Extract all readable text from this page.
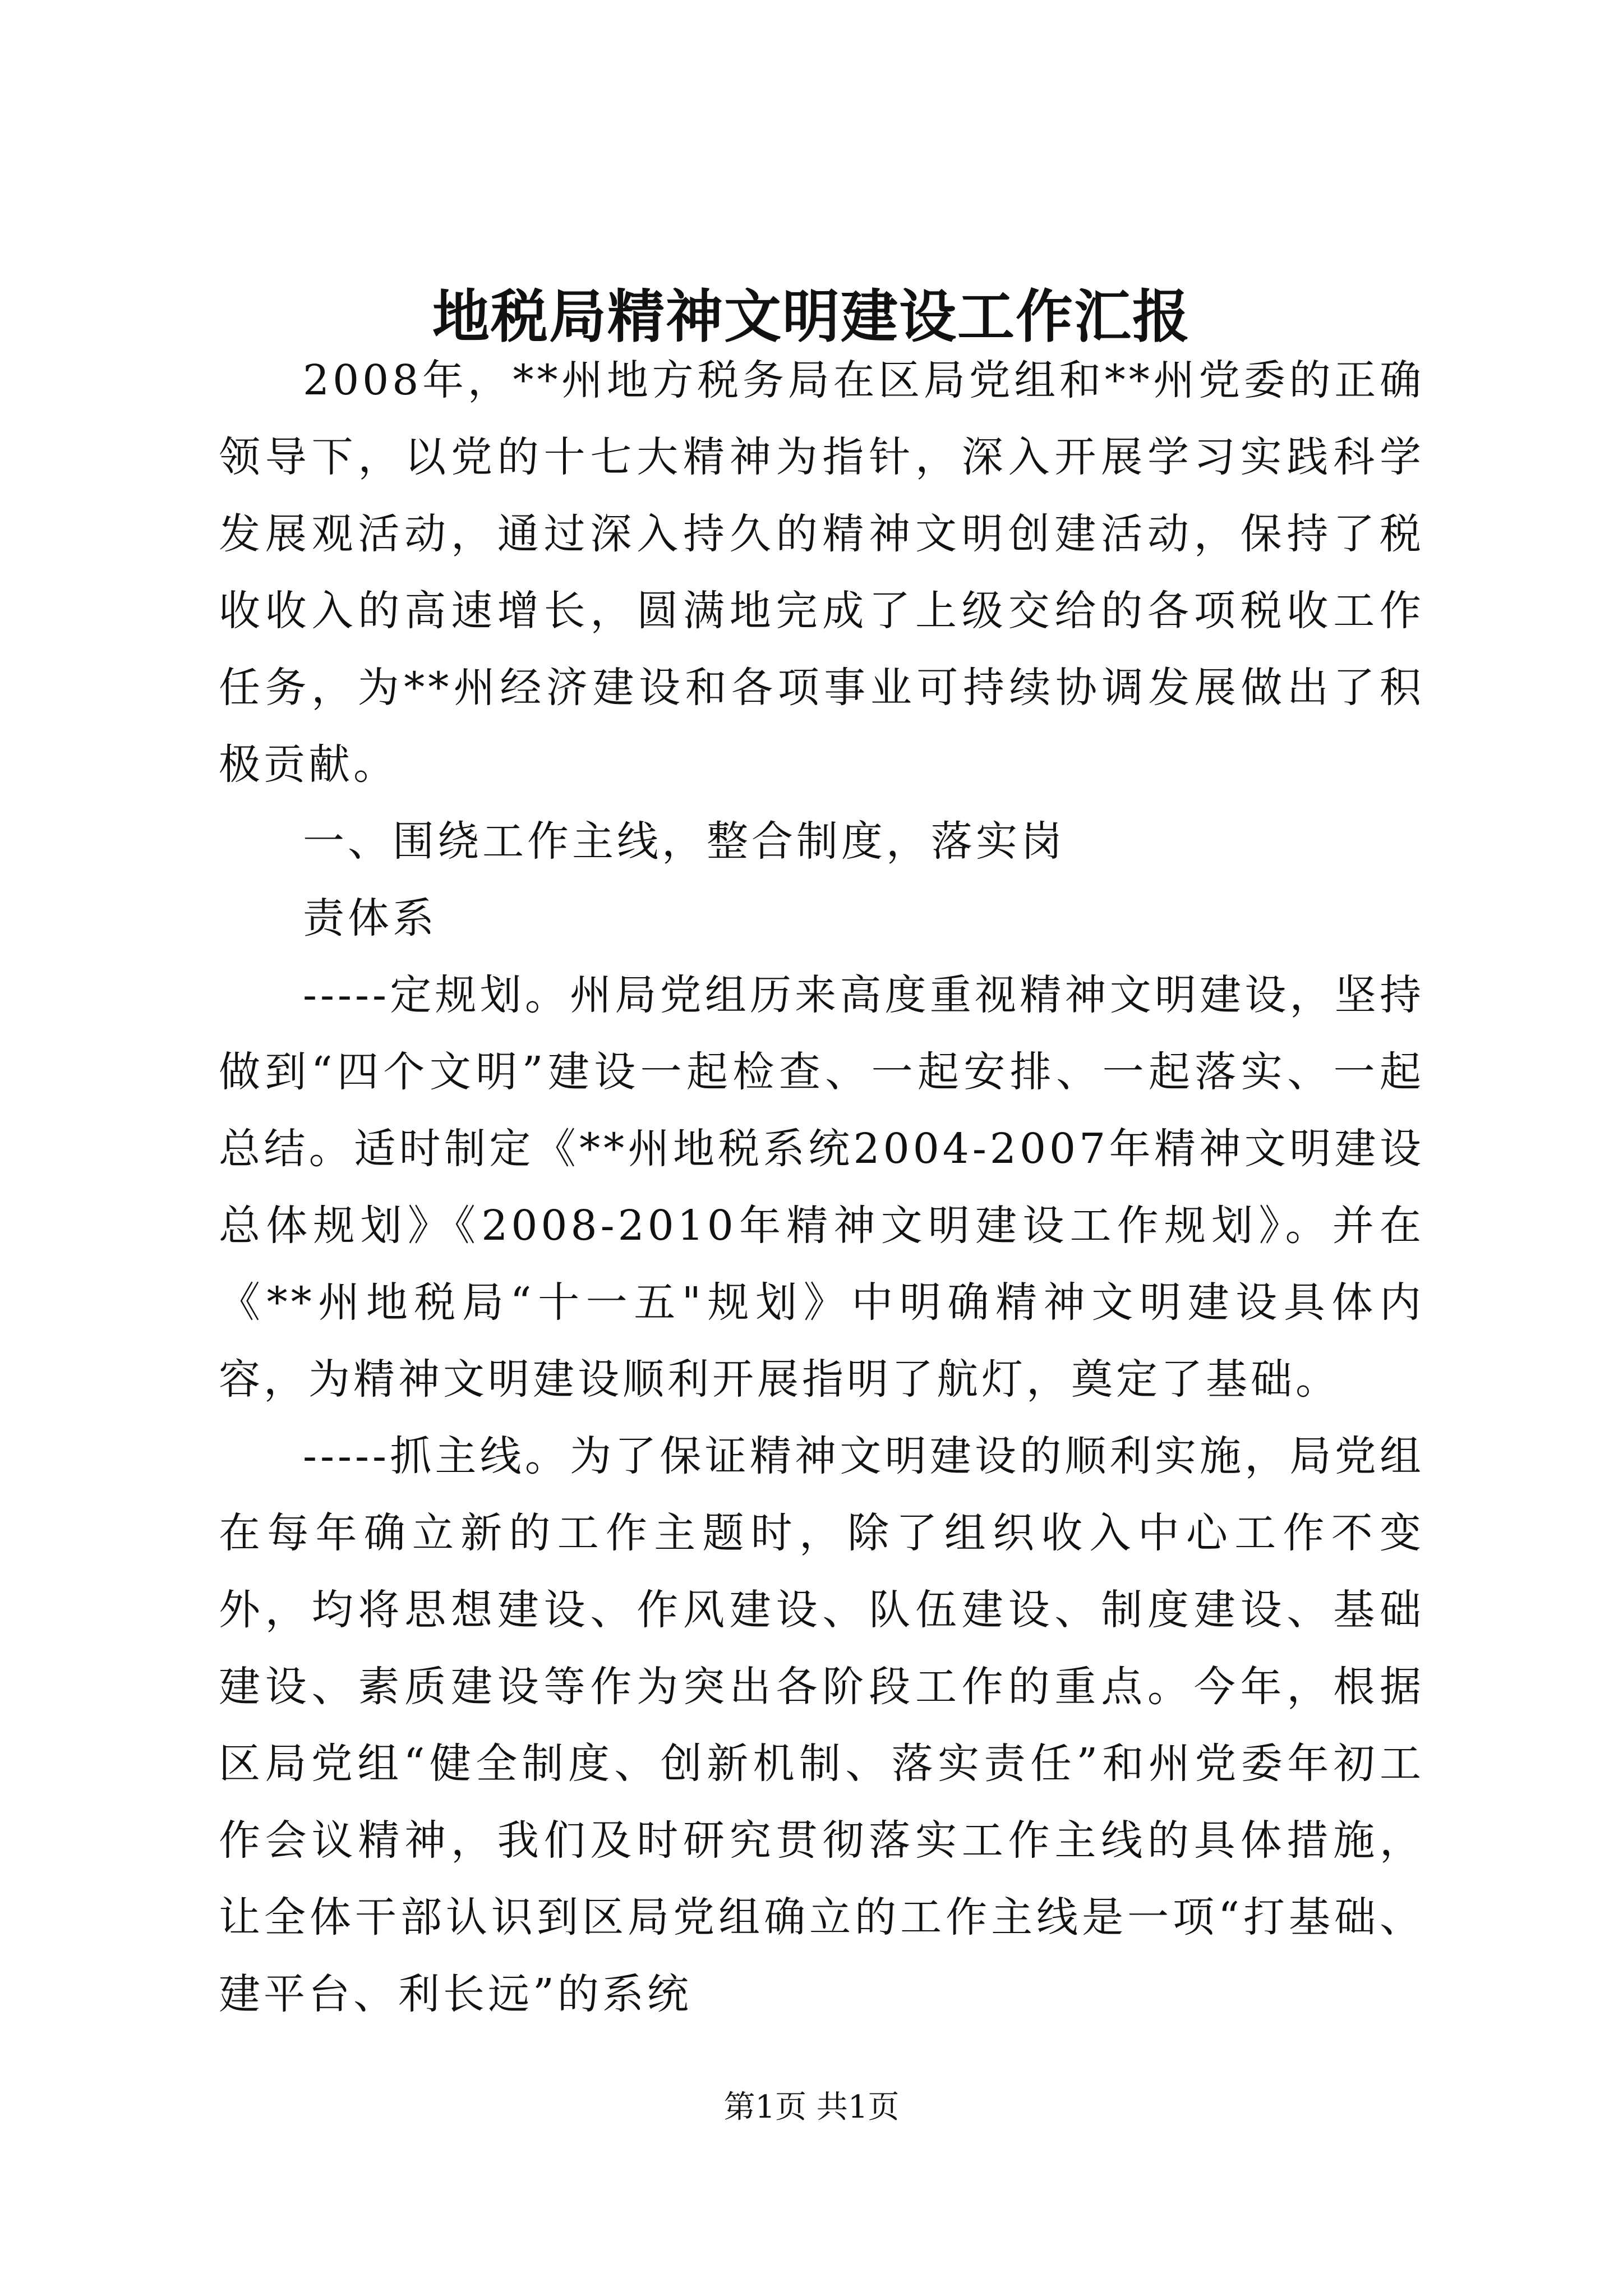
地税局精神文明建设工作汇报

2008年，**州地方税务局在区局党组和**州党委的正确领导下，以党的十七大精神为指针，深入开展学习实践科学发展观活动，通过深入持久的精神文明创建活动，保持了税收收入的高速增长，圆满地完成了上级交给的各项税收工作任务，为**州经济建设和各项事业可持续协调发展做出了积极贡献。

一、围绕工作主线，整合制度，落实岗

责体系

-----定规划。州局党组历来高度重视精神文明建设，坚持做到“四个文明”建设一起检查、一起安排、一起落实、一起总结。适时制定《**州地税系统2004-2007年精神文明建设总体规划》《2008-2010年精神文明建设工作规划》。并在《**州地税局“十一五"规划》中明确精神文明建设具体内容，为精神文明建设顺利开展指明了航灯，奠定了基础。

-----抓主线。为了保证精神文明建设的顺利实施，局党组在每年确立新的工作主题时，除了组织收入中心工作不变外，均将思想建设、作风建设、队伍建设、制度建设、基础建设、素质建设等作为突出各阶段工作的重点。今年，根据区局党组“健全制度、创新机制、落实责任”和州党委年初工作会议精神，我们及时研究贯彻落实工作主线的具体措施，让全体干部认识到区局党组确立的工作主线是一项“打基础、建平台、利长远”的系统

第1页 共1页
